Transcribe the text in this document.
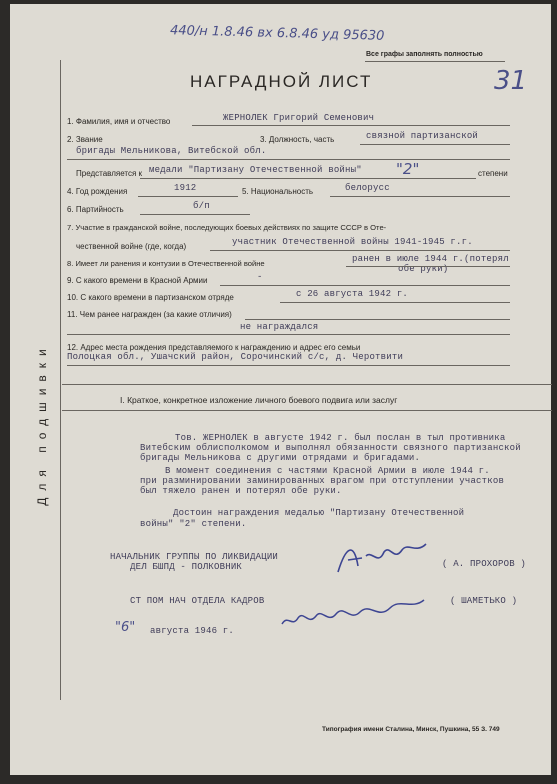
440/н 1.8.46 вх 6.8.46 уд 95630
Все графы заполнять полностью
31
Для подшивки
НАГРАДНОЙ ЛИСТ
1. Фамилия, имя и отчество	ЖЕРНОЛЕК Григорий Семенович
2. Звание	3. Должность, часть	связной партизанской
бригады Мельникова, Витебской обл.
Представляется к медали "Партизану Отечественной войны" "2"	степени
4. Год рождения	1912	5. Национальность	белорусс
6. Партийность	б/п
7. Участие в гражданской войне, последующих боевых действиях по защите СССР в Оте-
чественной войне (где, когда)	участник Отечественной войны 1941-1945 г.г.
8. Имеет ли ранения и контузии в Отечественной войне	ранен в июле 1944 г.(потерял
обе руки)
9. С какого времени в Красной Армии	-
10. С какого времени в партизанском отряде	с 26 августа 1942 г.
11. Чем ранее награжден (за какие отличия)
не награждался
12. Адрес места рождения представляемого к награждению и адрес его семьи
Полоцкая обл., Ушачский район, Сорочинский с/с, д. Черотвити
I. Краткое, конкретное изложение личного боевого подвига или заслуг
Тов. ЖЕРНОЛЕК в августе 1942 г. был послан в тыл противника
Витебским облисполкомом и выполнял обязанности связного партизанской
бригады Мельникова с другими отрядами и бригадами.
В момент соединения с частями Красной Армии в июле 1944 г.
при разминировании заминированных врагом при отступлении участков
был тяжело ранен и потерял обе руки.
Достоин награждения медалью "Партизану Отечественной
войны" "2" степени.
НАЧАЛЬНИК ГРУППЫ ПО ЛИКВИДАЦИИ
ДЕЛ БШПД - ПОЛКОВНИК	( А. ПРОХОРОВ )
СТ ПОМ НАЧ ОТДЕЛА КАДРОВ	( ШАМЕТЬКО )
"6" августа 1946 г.
Типография имени Сталина, Минск, Пушкина, 55 З. 749
